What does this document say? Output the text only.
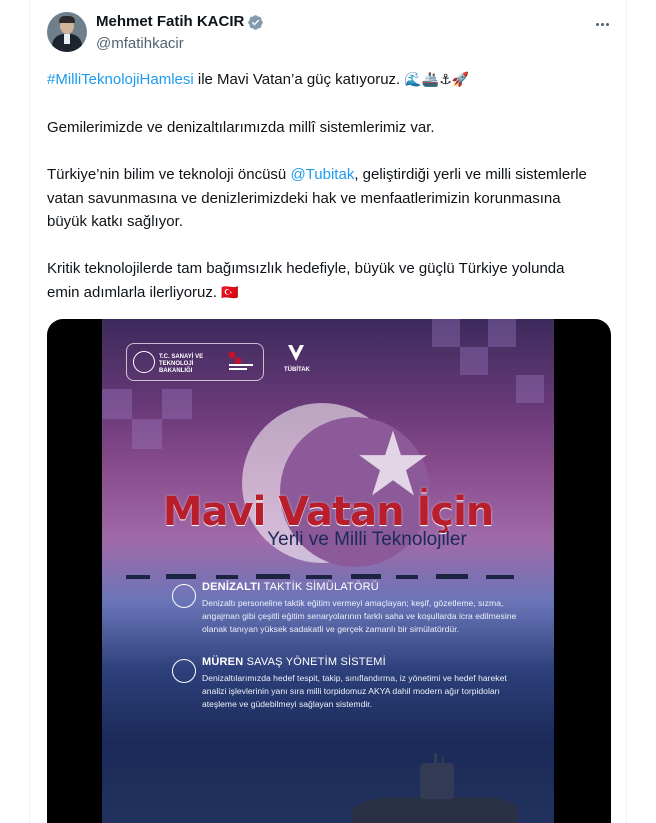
Mehmet Fatih KACIR
@mfatihkacir

#MilliTeknolojiHamlesi ile Mavi Vatan’a güç katıyoruz. 🌊🚢⚓🚀

Gemilerimizde ve denizaltılarımızda millî sistemlerimiz var.

Türkiye’nin bilim ve teknoloji öncüsü @Tubitak, geliştirdiği yerli ve milli sistemlerle vatan savunmasına ve denizlerimizdeki hak ve menfaatlerimizin korunmasına büyük katkı sağlıyor.

Kritik teknolojilerde tam bağımsızlık hedefiyle, büyük ve güçlü Türkiye yolunda emin adımlarla ilerliyoruz. 🇹🇷

T.C. SANAYİ VE TEKNOLOJİ BAKANLIĞI	TÜBİTAK
Mavi Vatan İçin
Yerli ve Milli Teknolojiler
DENİZALTI TAKTİK SİMÜLATÖRÜ
Denizaltı personeline taktik eğitim vermeyi amaçlayan; keşif, gözetleme, sızma, angajman gibi çeşitli eğitim senaryolarının farklı saha ve koşullarda icra edilmesine olanak tanıyan yüksek sadakatli ve gerçek zamanlı bir simülatördür.
MÜREN SAVAŞ YÖNETİM SİSTEMİ
Denizaltılarımızda hedef tespit, takip, sınıflandırma, iz yönetimi ve hedef hareket analizi işlevlerinin yanı sıra milli torpidomuz AKYA dahil modern ağır torpidoları ateşleme ve güdebilmeyi sağlayan sistemdir.
